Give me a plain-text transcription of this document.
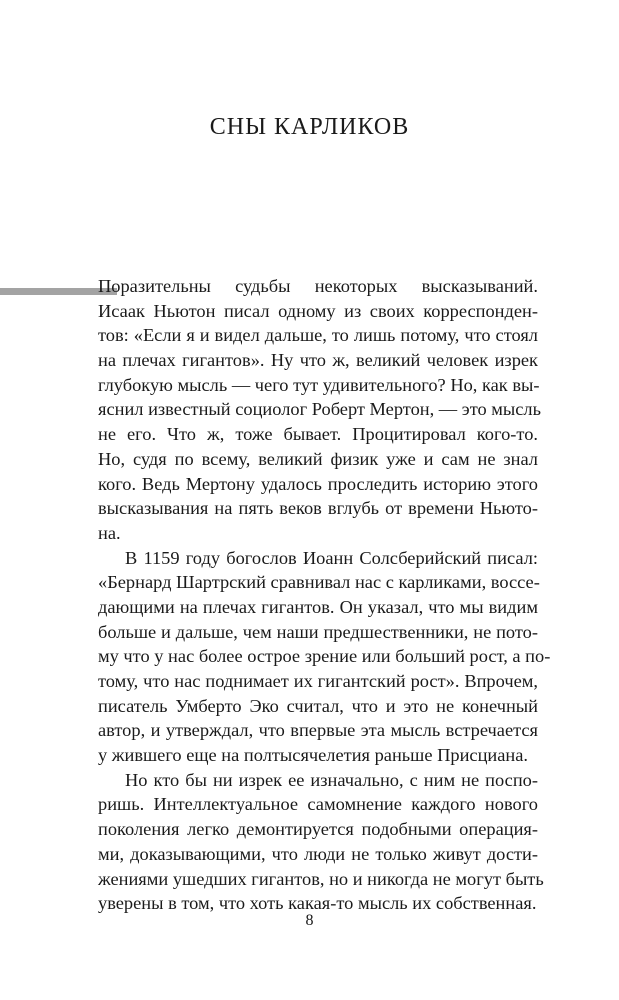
СНЫ КАРЛИКОВ
Поразительны судьбы некоторых высказываний.
Исаак Ньютон писал одному из своих корреспонден-
тов: «Если я и видел дальше, то лишь потому, что стоял
на плечах гигантов». Ну что ж, великий человек изрек
глубокую мысль — чего тут удивительного? Но, как вы-
яснил известный социолог Роберт Мертон, — это мысль
не его. Что ж, тоже бывает. Процитировал кого-то.
Но, судя по всему, великий физик уже и сам не знал
кого. Ведь Мертону удалось проследить историю этого
высказывания на пять веков вглубь от времени Ньюто-
на.
В 1159 году богослов Иоанн Солсберийский писал:
«Бернард Шартрский сравнивал нас с карликами, воссе-
дающими на плечах гигантов. Он указал, что мы видим
больше и дальше, чем наши предшественники, не пото-
му что у нас более острое зрение или больший рост, а по-
тому, что нас поднимает их гигантский рост». Впрочем,
писатель Умберто Эко считал, что и это не конечный
автор, и утверждал, что впервые эта мысль встречается
у жившего еще на полтысячелетия раньше Присциана.
Но кто бы ни изрек ее изначально, с ним не поспо-
ришь. Интеллектуальное самомнение каждого нового
поколения легко демонтируется подобными операция-
ми, доказывающими, что люди не только живут дости-
жениями ушедших гигантов, но и никогда не могут быть
уверены в том, что хоть какая-то мысль их собственная.
8
